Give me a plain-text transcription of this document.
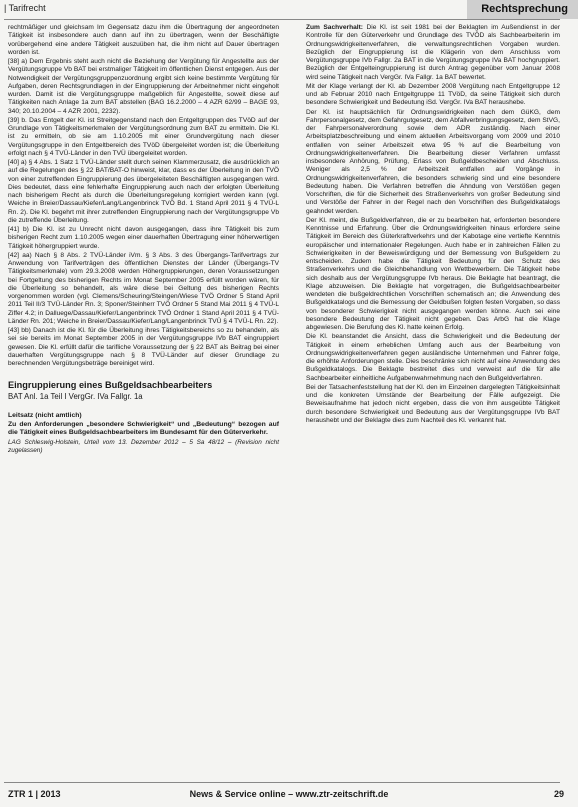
| Tarifrecht	Rechtsprechung

rechtmäßiger und gleichsam Im Gegensatz dazu ihm die Übertragung der angeordneten Tätigkeit ist insbesondere auch dann auf ihn zu übertragen, wenn der Beschäftigte vorübergehend eine andere Tätigkeit auszuüben hat, die ihm nicht auf Dauer übertragen worden ist.

[38] a) Dem Ergebnis steht auch nicht die Beziehung der Vergütung für Angestellte aus der Vergütungsgruppe Vb BAT bei erstmaliger Tätigkeit im öffentlichen Dienst entgegen. Aus der Notwendigkeit der Vergütungsgruppenzuordnung ergibt sich keine bestimmte Vergütung für Aufgaben, deren Rechtsgrundlagen in der Eingruppierung der Arbeitnehmer nicht eingeholt wurden. Damit ist die Vergütungsgruppe maßgeblich für Angestellte, soweit diese auf Tätigkeiten nach Anlage 1a zum BAT abstellen (BAG 16.2.2000 – 4 AZR 62/99 – BAGE 93, 340; 20.10.2004 – 4 AZR 2001, 2232).

[39] b. Das Entgelt der Kl. ist Streitgegenstand nach den Entgeltgruppen des TVöD auf der Grundlage von Tätigkeitsmerkmalen der Vergütungsordnung zum BAT zu ermitteln. Die Kl. ist zu ermitteln, ob sie am 1.10.2005 mit einer Grundvergütung nach dieser Vergütungsgruppe in den Entgeltbereich des TVöD übergeleitet worden ist; die Überleitung erfolgt nach § 4 TVÜ-Länder in den TVÜ übergeleitet worden.

[40] a) § 4 Abs. 1 Satz 1 TVÜ-Länder stellt durch seinen Klammerzusatz, die ausdrücklich an auf die Regelungen des § 22 BAT/BAT-O hinweist, klar, dass es der Überleitung in den TVÖ von einer zutreffenden Eingruppierung des übergeleiteten Beschäftigten ausgegangen wird. Dies bedeutet, dass eine fehlerhafte Eingruppierung auch nach der erfolgten Überleitung nach bisherigem Recht als durch die Überleitungsregelung korrigiert werden kann (vgl. Weiche in Breier/Dassau/Kiefer/Lang/Langenbrinck TVÖ Bd. 1 Stand April 2011 § 4 TVÜ-L Rn. 2). Die Kl. begehrt mit ihrer zutreffenden Eingruppierung nach der Vergütungsgruppe Vb die zutreffende Überleitung.

[41] b) Die Kl. ist zu Unrecht nicht davon ausgegangen, dass ihre Tätigkeit bis zum bisherigen Recht zum 1.10.2005 wegen einer dauerhaften Übertragung einer höherwertigen Tätigkeit höhergruppiert wurde.

[42] aa) Nach § 8 Abs. 2 TVÜ-Länder iVm. § 3 Abs. 3 des Übergangs-Tarifvertrags zur Anwendung von Tarifverträgen des öffentlichen Dienstes der Länder (Übergangs-TV Tätigkeitsmerkmale) vom 29.3.2008 werden Höhergruppierungen, deren Voraussetzungen bei Fortgeltung des bisherigen Rechts im Monat September 2005 erfüllt worden wären, für die Überleitung so behandelt, als wäre diese bei Geltung des bisherigen Rechts vorgenommen worden (vgl. Clemens/Scheuring/Steingen/Wiese TVÖ Ordner 5 Stand April 2011 Teil II/3 TVÜ-Länder Rn. 3; Sponer/Steinherr TVÖ Ordner 5 Stand Mai 2011 § 4 TVÜ-L Ziffer 4.2; in Dalluege/Dassau/Kiefer/Langenbrinck TVÖ Ordner 1 Stand April 2011 § 4 TVÜ-Länder Rn. 201; Weiche in Breier/Dassau/Kiefer/Lang/Langenbrinck TVÜ § 4 TVÜ-L Rn. 22).

[43] bb) Danach ist die Kl. für die Überleitung ihres Tätigkeitsbereichs so zu behandeln, als sei sie bereits im Monat September 2005 in der Vergütungsgruppe IVb BAT eingruppiert gewesen. Die Kl. erfüllt dafür die tarifliche Voraussetzung der § 22 BAT als Beitrag bei einer dauerhaften Vergütungsgruppe nach § 8 TVÜ-Länder auf dieser Grundlage zu berechnenden Vergütungsbeträge bereiniget wird.

Eingruppierung eines Bußgeldsachbearbeiters
BAT Anl. 1a Teil I VergGr. IVa Fallgr. 1a
Leitsatz (nicht amtlich)

Zu den Anforderungen „besondere Schwierigkeit“ und „Bedeutung“ bezogen auf die Tätigkeit eines Bußgeldsachbearbeiters im Bundesamt für den Güterverkehr.

LAG Schleswig-Holstein, Urteil vom 13. Dezember 2012 – 5 Sa 48/12 – (Revision nicht zugelassen)

Zum Sachverhalt: Die Kl. ist seit 1981 bei der Beklagten im Außendienst in der Kontrolle für den Güterverkehr und Grundlage des TVÖD als Sachbearbeiterin im Ordnungswidrigkeitenverfahren, die verwaltungsrechtlichen Vorgaben wurden. Bezüglich der Eingruppierung ist die Klägerin von dem Anschluss vom Vergütungsgruppe IVb Fallgr. 2a BAT in die Vergütungsgruppe IVa BAT hochgruppiert. Bezüglich der Entgelteingruppierung ist durch Antrag gegenüber vom Januar 2008 wird seine Tätigkeit nach VergGr. IVa Fallgr. 1a BAT bewertet.

Mit der Klage verlangt der Kl. ab Dezember 2008 Vergütung nach Entgeltgruppe 12 und ab Februar 2010 nach Entgeltgruppe 11 TVöD, da seine Tätigkeit sich durch besondere Schwierigkeit und Bedeutung iSd. VergGr. IVa BAT heraushebe.

Der Kl. ist hauptsächlich für Ordnungswidrigkeiten nach dem GüKG, dem Fahrpersonalgesetz, dem Gefahrgutgesetz, dem Abfallverbringungsgesetz, dem StVG, der Fahrpersonalverordnung sowie dem ADR zuständig. Nach einer Arbeitsplatzbeschreibung und einem aktuellen Arbeitsvorgang vom 2009 und 2010 entfallen von seiner Arbeitszeit etwa 95 % auf die Bearbeitung von Ordnungswidrigkeitenverfahren. Die Bearbeitung dieser Verfahren umfasst insbesondere Anhörung, Prüfung, Erlass von Bußgeldbescheiden und Abschluss. Weniger als 2,5 % der Arbeitszeit entfallen auf Vorgänge in Ordnungswidrigkeitenverfahren, die besonders schwierig sind und eine besondere Bedeutung haben. Die Verfahren betreffen die Ahndung von Verstößen gegen Vorschriften, die für die Sicherheit des Straßenverkehrs von großer Bedeutung sind und Verstöße der Fahrer in der Regel nach den Vorschriften des Bußgeldkatalogs geahndet werden.

Der Kl. meint, die Bußgeldverfahren, die er zu bearbeiten hat, erforderten besondere Kenntnisse und Erfahrung. Über die Ordnungswidrigkeiten hinaus erfordere seine Tätigkeit im Bereich des Güterkraftverkehrs und der Kabotage eine vertiefte Kenntnis europäischer und internationaler Regelungen. Auch habe er in zahlreichen Fällen zu Schwierigkeiten in der Beweiswürdigung und der Bemessung von Bußgeldern zu entscheiden. Zudem habe die Tätigkeit Bedeutung für den Schutz des Straßenverkehrs und die Gleichbehandlung von Wettbewerbern. Die Tätigkeit hebe sich deshalb aus der Vergütungsgruppe IVb heraus. Die Beklagte hat beantragt, die Klage abzuweisen. Die Beklagte hat vorgetragen, die Bußgeldsachbearbeiter wendeten die bußgeldrechtlichen Vorschriften schematisch an; die Anwendung des Bußgeldkatalogs und die Bemessung der Geldbußen folgten festen Vorgaben, so dass von besonderer Schwierigkeit nicht ausgegangen werden könne. Auch sei eine besondere Bedeutung der Tätigkeit nicht gegeben. Das ArbG hat die Klage abgewiesen. Die Berufung des Kl. hatte keinen Erfolg.

Die Kl. beanstandet die Ansicht, dass die Schwierigkeit und die Bedeutung der Tätigkeit in einem erheblichen Umfang auch aus der Bearbeitung von Ordnungswidrigkeitenverfahren gegen ausländische Unternehmen und Fahrer folge, die erhöhte Anforderungen stelle. Dies beschränke sich nicht auf eine Anwendung des Bußgeldkatalogs. Die Beklagte bestreitet dies und verweist auf die für alle Sachbearbeiter einheitliche Aufgabenwahrnehmung nach den Bußgeldverfahren.

Bei der Tatsachenfeststellung hat der Kl. den im Einzelnen dargelegten Tätigkeitsinhalt und die konkreten Umstände der Bearbeitung der Fälle aufgezeigt. Die Beweisaufnahme hat jedoch nicht ergeben, dass die von ihm ausgeübte Tätigkeit durch besondere Schwierigkeit und Bedeutung aus der Vergütungsgruppe IVb BAT heraushebt und der Beklagte dies zum Nachteil des Kl. verkannt hat.

ZTR 1 | 2013	News & Service online – www.ztr-zeitschrift.de	29
